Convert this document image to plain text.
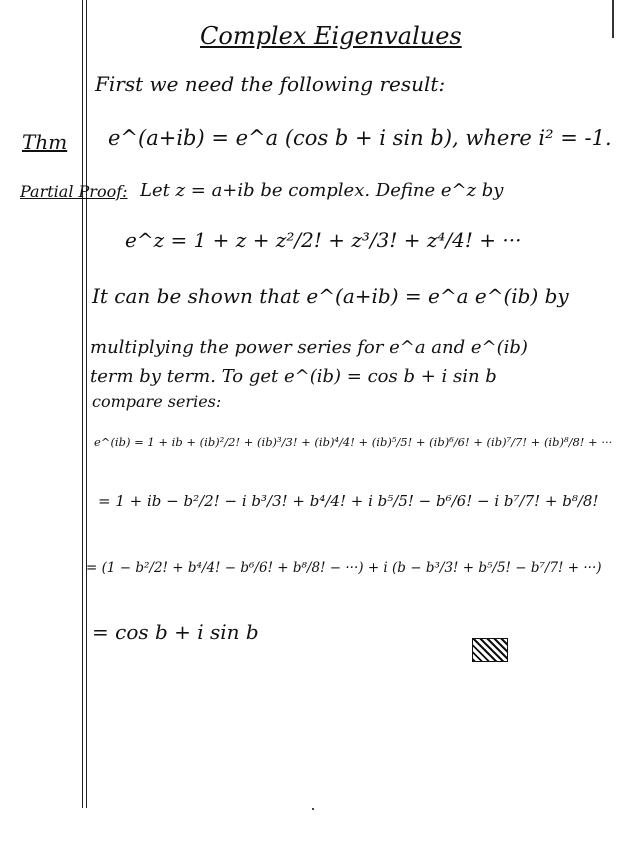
Complex Eigenvalues
First we need the following result:
Thm e^(a+ib) = e^a (cos b + i sin b), where i² = -1.
Partial Proof: Let z = a+ib be complex. Define e^z by
e^z = 1 + z + z²/2! + z³/3! + z⁴/4! + ···
It can be shown that e^(a+ib) = e^a e^(ib) by
multiplying the power series for e^a and e^(ib)
term by term. To get e^(ib) = cos b + i sin b
compare series:
e^(ib) = 1 + ib + (ib)²/2! + (ib)³/3! + (ib)⁴/4! + (ib)⁵/5! + (ib)⁶/6! + (ib)⁷/7! + (ib)⁸/8! + ···
= 1 + ib − b²/2! − i b³/3! + b⁴/4! + i b⁵/5! − b⁶/6! − i b⁷/7! + b⁸/8!
= (1 − b²/2! + b⁴/4! − b⁶/6! + b⁸/8! − ···) + i (b − b³/3! + b⁵/5! − b⁷/7! + ···)
= cos b + i sin b
